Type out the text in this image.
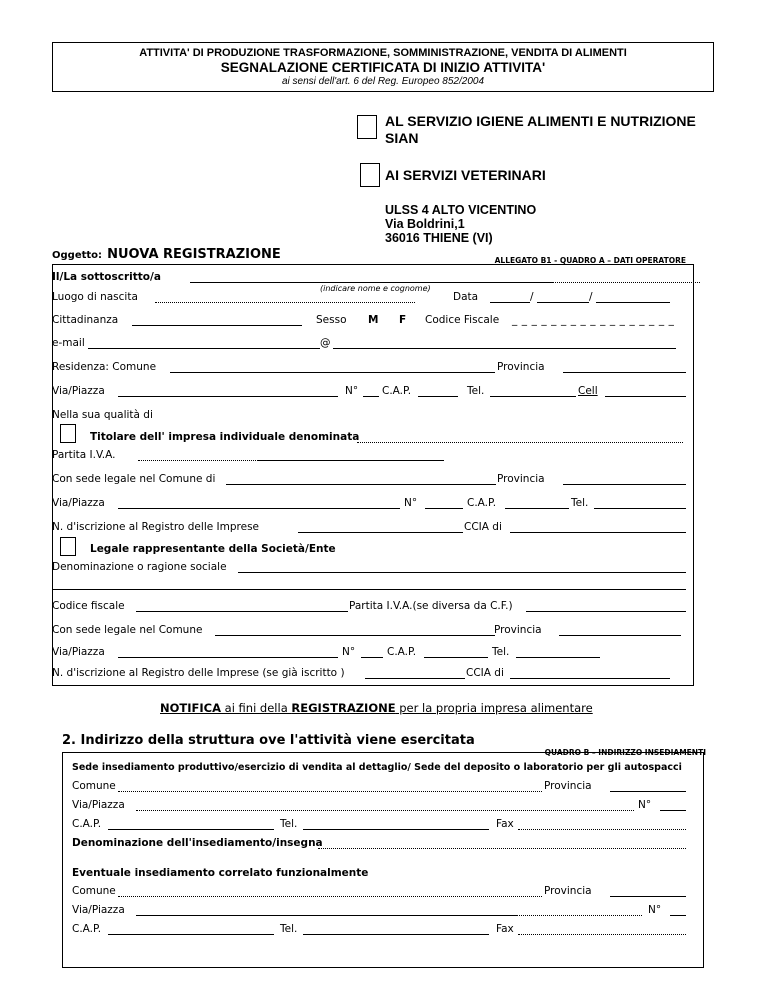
ATTIVITA' DI PRODUZIONE TRASFORMAZIONE, SOMMINISTRAZIONE, VENDITA DI ALIMENTI
SEGNALAZIONE CERTIFICATA DI INIZIO ATTIVITA'
ai sensi dell'art. 6 del Reg. Europeo 852/2004
AL SERVIZIO IGIENE ALIMENTI E NUTRIZIONE
SIAN
AI SERVIZI VETERINARI
ULSS 4 ALTO VICENTINO
Via Boldrini,1
36016 THIENE (VI)
Oggetto: NUOVA REGISTRAZIONE	ALLEGATO B1 - QUADRO A – DATI OPERATORE
Il/La sottoscritto/a
(indicare nome e cognome)
Luogo di nascita	Data	/	/
Cittadinanza	Sesso M F Codice Fiscale _ _ _ _ _ _ _ _ _ _ _ _ _ _ _ _ _
e-mail	@
Residenza: Comune	Provincia
Via/Piazza	N° C.A.P.	Tel.	Cell
Nella sua qualità di
Titolare dell' impresa individuale denominata
Partita I.V.A.
Con sede legale nel Comune di	Provincia
Via/Piazza	N°	C.A.P.	Tel.
N. d'iscrizione al Registro delle Imprese	CCIA di
Legale rappresentante della Società/Ente
Denominazione o ragione sociale
Codice fiscale	Partita I.V.A.(se diversa da C.F.)
Con sede legale nel Comune	Provincia
Via/Piazza	N°	C.A.P.	Tel.
N. d'iscrizione al Registro delle Imprese (se già iscritto )	CCIA di
NOTIFICA ai fini della REGISTRAZIONE per la propria impresa alimentare
2. Indirizzo della struttura ove l'attività viene esercitata
QUADRO B – INDIRIZZO INSEDIAMENTI
Sede insediamento produttivo/esercizio di vendita al dettaglio/ Sede del deposito o laboratorio per gli autospacci
Comune	Provincia
Via/Piazza	N°
C.A.P.	Tel.	Fax
Denominazione dell'insediamento/insegna
Eventuale insediamento correlato funzionalmente
Comune	Provincia
Via/Piazza	N°
C.A.P.	Tel.	Fax
